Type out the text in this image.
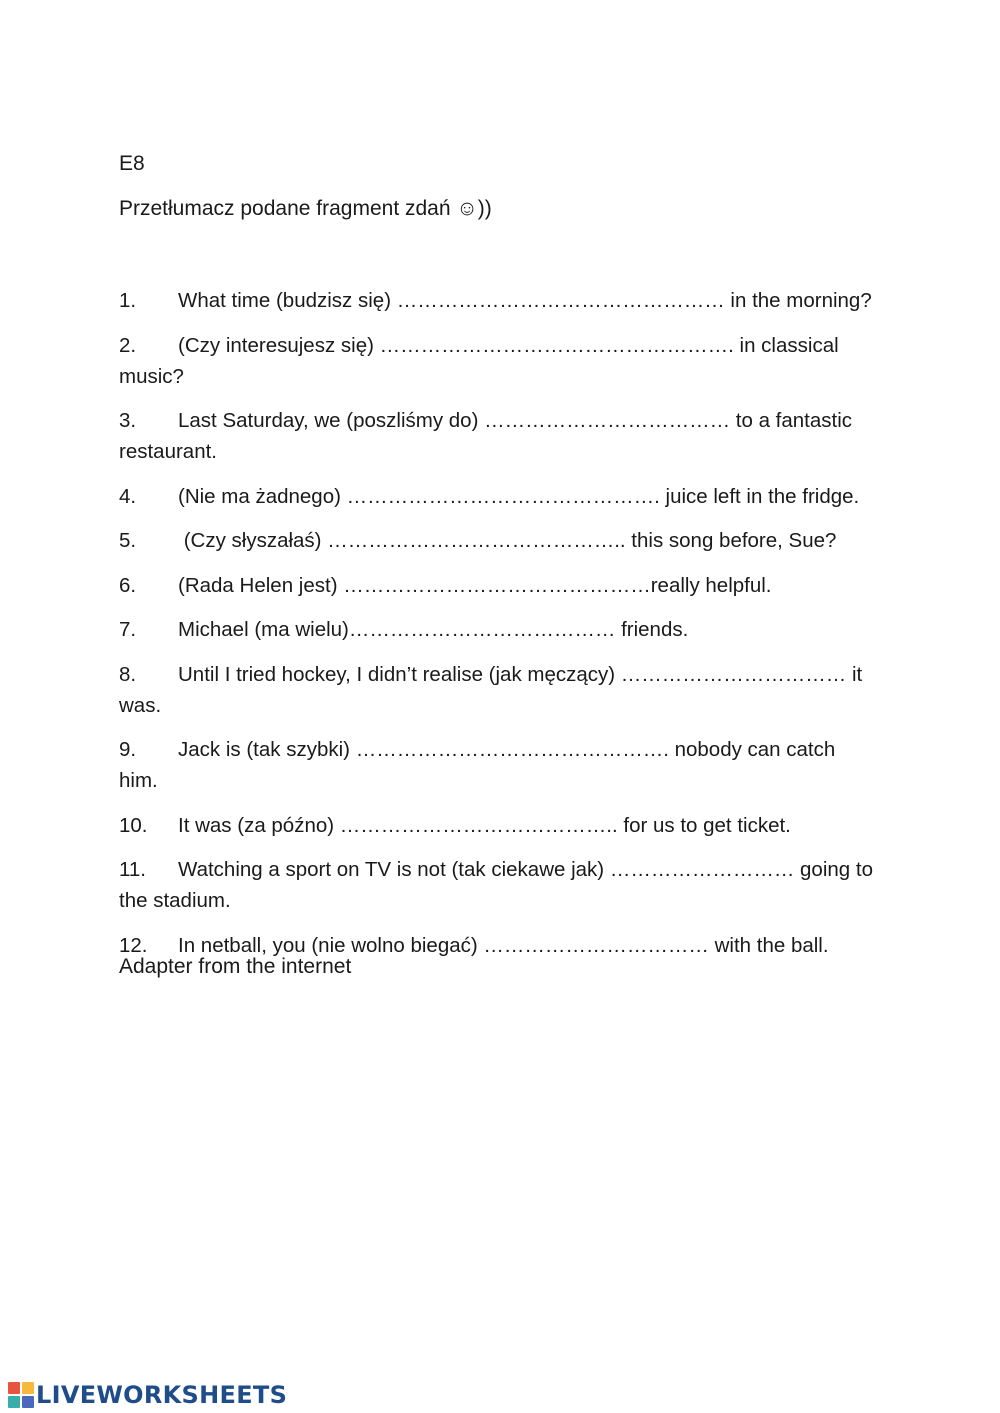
E8
Przetłumacz podane fragment zdań ☺))
1. What time (budzisz się) ………………………………………… in the morning?
2. (Czy interesujesz się) ……………………………………………. in classical music?
3. Last Saturday, we (poszliśmy do) ……………………………… to a fantastic restaurant.
4. (Nie ma żadnego) ………………………………………. juice left in the fridge.
5. (Czy słyszałaś) …………………………………….. this song before, Sue?
6. (Rada Helen jest) ………………………………………really helpful.
7. Michael (ma wielu)………………………………… friends.
8. Until I tried hockey, I didn’t realise (jak męczący) …………………………… it was.
9. Jack is (tak szybki) ………………………………………. nobody can catch him.
10. It was (za późno) ………………………………….. for us to get ticket.
11. Watching a sport on TV is not (tak ciekawe jak) ……………………… going to the stadium.
12. In netball, you (nie wolno biegać) …………………………… with the ball.
Adapter from the internet
LIVEWORKSHEETS
